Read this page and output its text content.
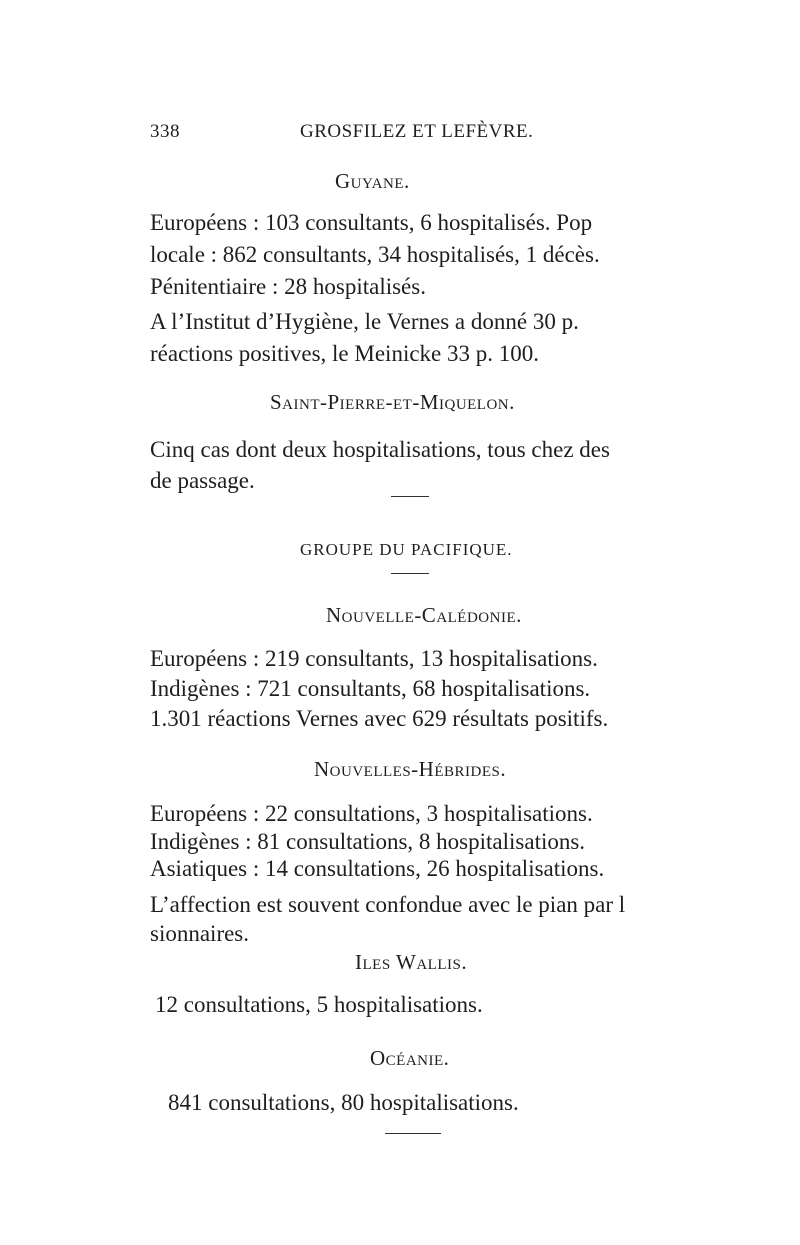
338	GROSFILEZ ET LEFÈVRE.
Guyane.
Européens : 103 consultants, 6 hospitalisés. Pop
locale : 862 consultants, 34 hospitalisés, 1 décès.
Pénitentiaire : 28 hospitalisés.
A l’Institut d’Hygiène, le Vernes a donné 30 p.
réactions positives, le Meinicke 33 p. 100.
Saint-Pierre-et-Miquelon.
Cinq cas dont deux hospitalisations, tous chez des
de passage.
GROUPE DU PACIFIQUE.
Nouvelle-Calédonie.
Européens : 219 consultants, 13 hospitalisations.
Indigènes : 721 consultants, 68 hospitalisations.
1.301 réactions Vernes avec 629 résultats positifs.
Nouvelles-Hébrides.
Européens : 22 consultations, 3 hospitalisations.
Indigènes : 81 consultations, 8 hospitalisations.
Asiatiques : 14 consultations, 26 hospitalisations.
L’affection est souvent confondue avec le pian par l
sionnaires.
Iles Wallis.
12 consultations, 5 hospitalisations.
Océanie.
841 consultations, 80 hospitalisations.
